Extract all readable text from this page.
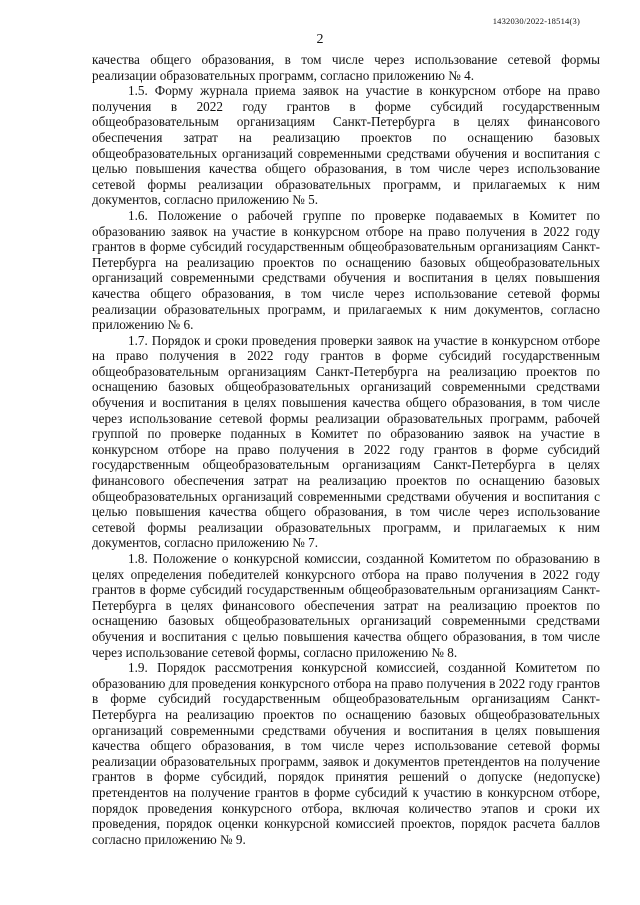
1432030/2022-18514(3)
2

качества общего образования, в том числе через использование сетевой формы реализации образовательных программ, согласно приложению № 4.

1.5. Форму журнала приема заявок на участие в конкурсном отборе на право получения в 2022 году грантов в форме субсидий государственным общеобразовательным организациям Санкт-Петербурга в целях финансового обеспечения затрат на реализацию проектов по оснащению базовых общеобразовательных организаций современными средствами обучения и воспитания с целью повышения качества общего образования, в том числе через использование сетевой формы реализации образовательных программ, и прилагаемых к ним документов, согласно приложению № 5.

1.6. Положение о рабочей группе по проверке подаваемых в Комитет по образованию заявок на участие в конкурсном отборе на право получения в 2022 году грантов в форме субсидий государственным общеобразовательным организациям Санкт-Петербурга на реализацию проектов по оснащению базовых общеобразовательных организаций современными средствами обучения и воспитания в целях повышения качества общего образования, в том числе через использование сетевой формы реализации образовательных программ, и прилагаемых к ним документов, согласно приложению № 6.

1.7. Порядок и сроки проведения проверки заявок на участие в конкурсном отборе на право получения в 2022 году грантов в форме субсидий государственным общеобразовательным организациям Санкт-Петербурга на реализацию проектов по оснащению базовых общеобразовательных организаций современными средствами обучения и воспитания в целях повышения качества общего образования, в том числе через использование сетевой формы реализации образовательных программ, рабочей группой по проверке поданных в Комитет по образованию заявок на участие в конкурсном отборе на право получения в 2022 году грантов в форме субсидий государственным общеобразовательным организациям Санкт-Петербурга в целях финансового обеспечения затрат на реализацию проектов по оснащению базовых общеобразовательных организаций современными средствами обучения и воспитания с целью повышения качества общего образования, в том числе через использование сетевой формы реализации образовательных программ, и прилагаемых к ним документов, согласно приложению № 7.

1.8. Положение о конкурсной комиссии, созданной Комитетом по образованию в целях определения победителей конкурсного отбора на право получения в 2022 году грантов в форме субсидий государственным общеобразовательным организациям Санкт-Петербурга в целях финансового обеспечения затрат на реализацию проектов по оснащению базовых общеобразовательных организаций современными средствами обучения и воспитания с целью повышения качества общего образования, в том числе через использование сетевой формы, согласно приложению № 8.

1.9. Порядок рассмотрения конкурсной комиссией, созданной Комитетом по образованию для проведения конкурсного отбора на право получения в 2022 году грантов в форме субсидий государственным общеобразовательным организациям Санкт-Петербурга на реализацию проектов по оснащению базовых общеобразовательных организаций современными средствами обучения и воспитания в целях повышения качества общего образования, в том числе через использование сетевой формы реализации образовательных программ, заявок и документов претендентов на получение грантов в форме субсидий, порядок принятия решений о допуске (недопуске) претендентов на получение грантов в форме субсидий к участию в конкурсном отборе, порядок проведения конкурсного отбора, включая количество этапов и сроки их проведения, порядок оценки конкурсной комиссией проектов, порядок расчета баллов согласно приложению № 9.
